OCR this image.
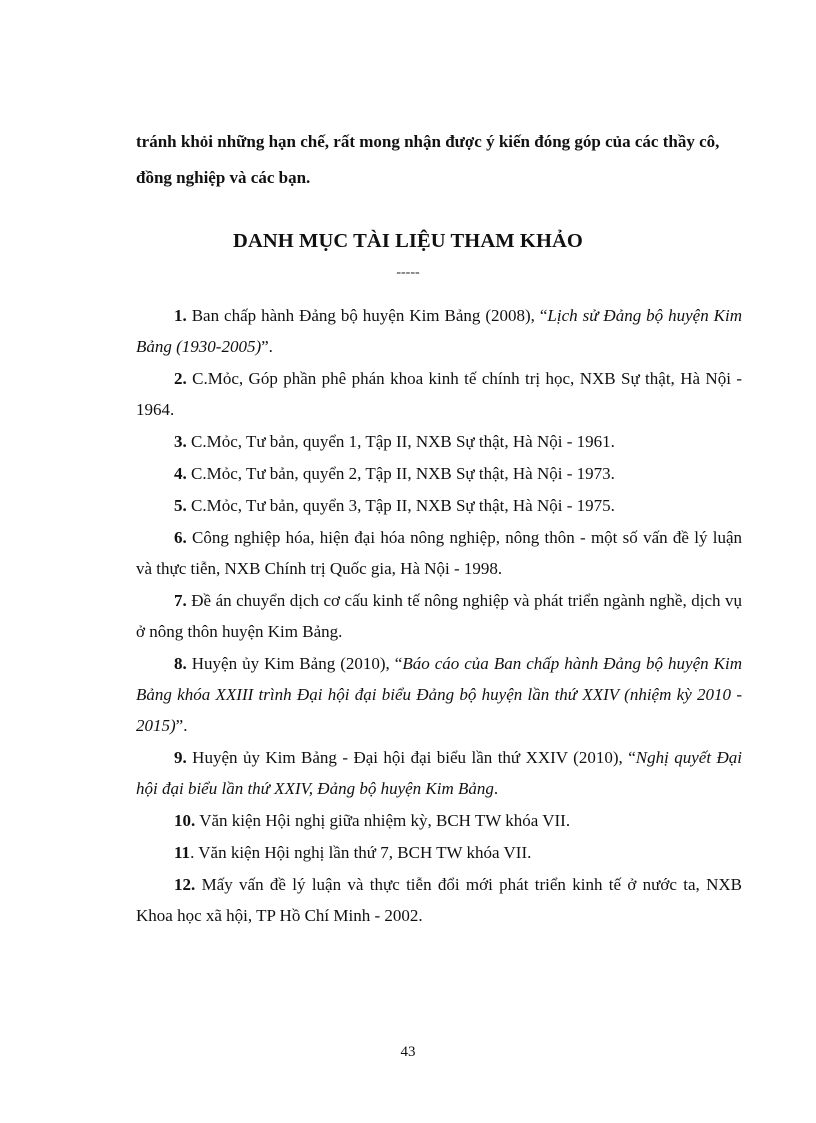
tránh khỏi những hạn chế, rất mong nhận được ý kiến đóng góp của các thầy cô,
đồng nghiệp và các bạn.
DANH MỤC TÀI LIỆU THAM KHẢO
-----

1. Ban chấp hành Đảng bộ huyện Kim Bảng (2008), “Lịch sử Đảng bộ huyện Kim Bảng (1930-2005)”.

2. C.Mỏc, Góp phần phê phán khoa kinh tế chính trị học, NXB Sự thật, Hà Nội - 1964.

3. C.Mỏc, Tư bản, quyển 1, Tập II, NXB Sự thật, Hà Nội - 1961.

4. C.Mỏc, Tư bản, quyển 2, Tập II, NXB Sự thật, Hà Nội - 1973.

5. C.Mỏc, Tư bản, quyển 3, Tập II, NXB Sự thật, Hà Nội - 1975.

6. Công nghiệp hóa, hiện đại hóa nông nghiệp, nông thôn - một số vấn đề lý luận và thực tiễn, NXB Chính trị Quốc gia, Hà Nội - 1998.

7. Đề án chuyển dịch cơ cấu kinh tế nông nghiệp và phát triển ngành nghề, dịch vụ ở nông thôn huyện Kim Bảng.

8. Huyện ủy Kim Bảng (2010), “Báo cáo của Ban chấp hành Đảng bộ huyện Kim Bảng khóa XXIII trình Đại hội đại biểu Đảng bộ huyện lần thứ XXIV (nhiệm kỳ 2010 - 2015)”.

9. Huyện ủy Kim Bảng - Đại hội đại biểu lần thứ XXIV (2010), “Nghị quyết Đại hội đại biểu lần thứ XXIV, Đảng bộ huyện Kim Bảng.

10. Văn kiện Hội nghị giữa nhiệm kỳ, BCH TW khóa VII.

11. Văn kiện Hội nghị lần thứ 7, BCH TW khóa VII.

12. Mấy vấn đề lý luận và thực tiễn đổi mới phát triển kinh tế ở nước ta, NXB Khoa học xã hội, TP Hồ Chí Minh - 2002.

43
